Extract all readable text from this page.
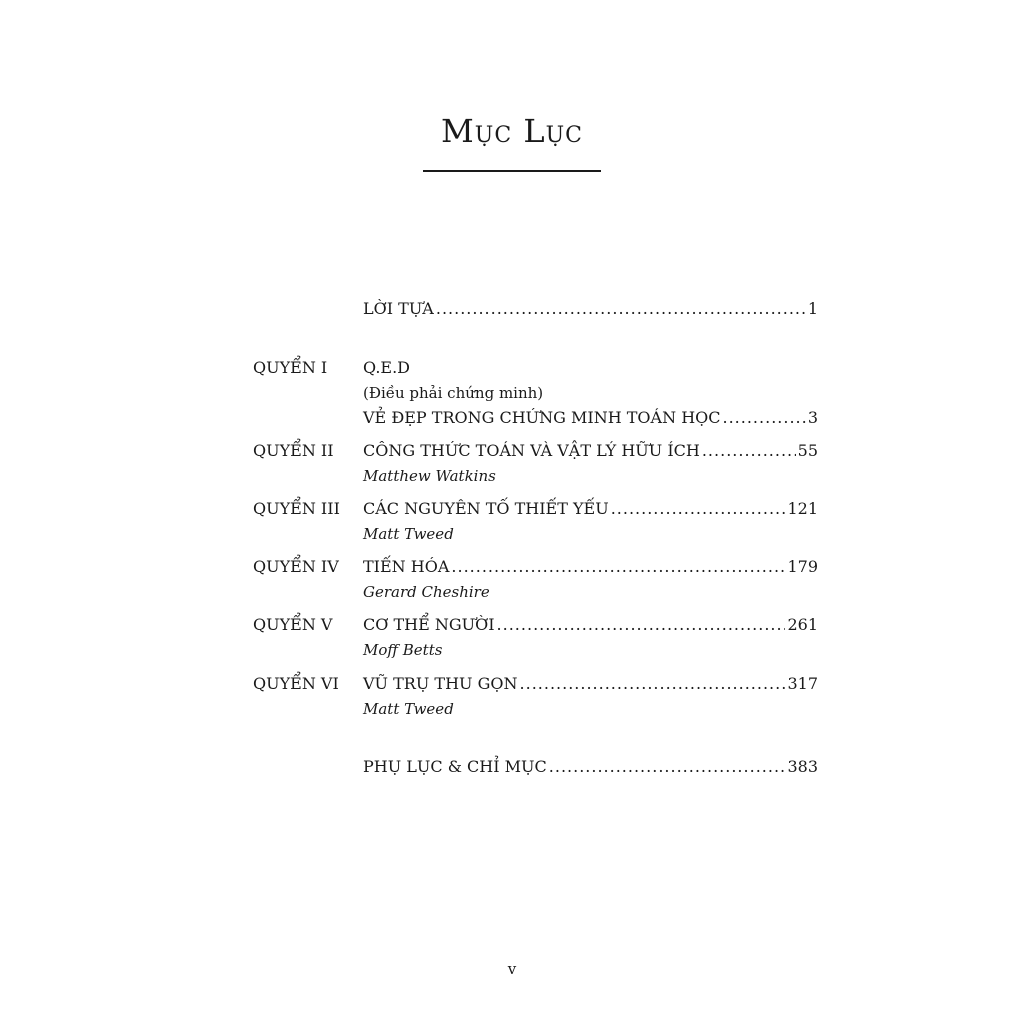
Mục Lục
LỜI TỰA .....	1
QUYỂN I Q.E.D
(Điều phải chứng minh)
VẺ ĐẸP TRONG CHỨNG MINH TOÁN HỌC .....	3
QUYỂN II CÔNG THỨC TOÁN VÀ VẬT LÝ HỮU ÍCH .....	55
Matthew Watkins
QUYỂN III CÁC NGUYÊN TỐ THIẾT YẾU .....	121
Matt Tweed
QUYỂN IV TIẾN HÓA .....	179
Gerard Cheshire
QUYỂN V CƠ THỂ NGƯỜI .....	261
Moff Betts
QUYỂN VI VŨ TRỤ THU GỌN .....	317
Matt Tweed
PHỤ LỤC & CHỈ MỤC .....	383
v
